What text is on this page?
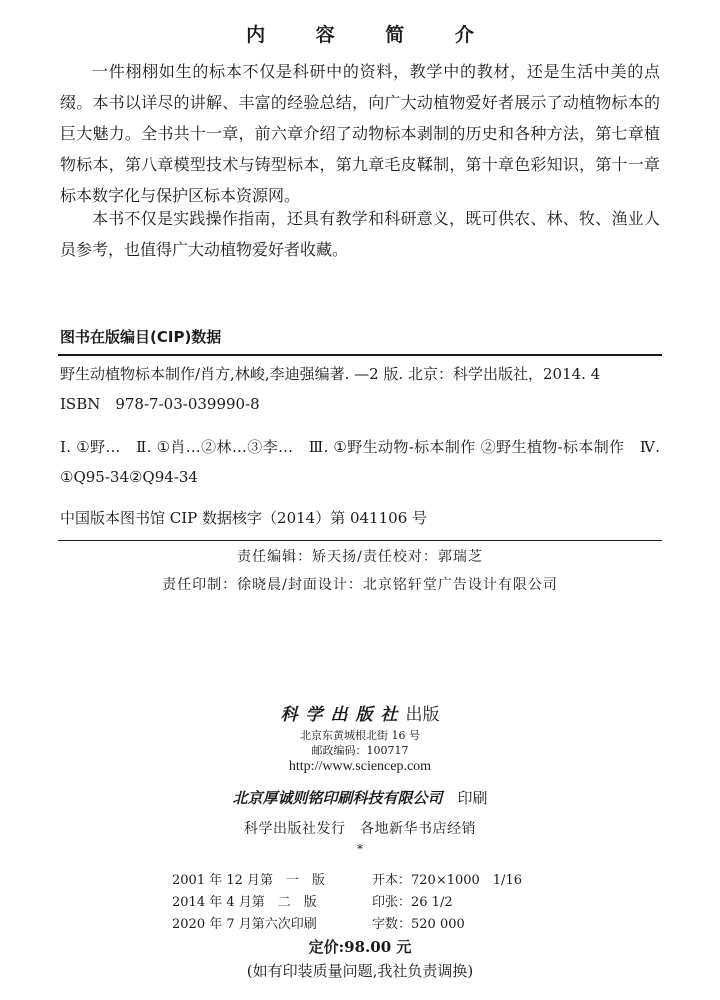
内 容 简 介

一件栩栩如生的标本不仅是科研中的资料，教学中的教材，还是生活中美的点缀。本书以详尽的讲解、丰富的经验总结，向广大动植物爱好者展示了动植物标本的巨大魅力。全书共十一章，前六章介绍了动物标本剥制的历史和各种方法，第七章植物标本，第八章模型技术与铸型标本，第九章毛皮鞣制，第十章色彩知识，第十一章标本数字化与保护区标本资源网。

本书不仅是实践操作指南，还具有教学和科研意义，既可供农、林、牧、渔业人员参考，也值得广大动植物爱好者收藏。

图书在版编目(CIP)数据
野生动植物标本制作/肖方,林峻,李迪强编著. —2 版. 北京：科学出版社，2014. 4
ISBN　978-7-03-039990-8
Ⅰ. ①野…　Ⅱ. ①肖…②林…③李…　Ⅲ. ①野生动物-标本制作 ②野生植物-标本制作　Ⅳ. ①Q95-34②Q94-34
中国版本图书馆 CIP 数据核字（2014）第 041106 号
责任编辑：矫天扬/责任校对：郭瑞芝
责任印制：徐晓晨/封面设计：北京铭轩堂广告设计有限公司
科学出版社出版
北京东黄城根北街 16 号
邮政编码：100717
http://www.sciencep.com
北京厚诚则铭印刷科技有限公司　 印刷
科学出版社发行　各地新华书店经销
*
2001 年 12 月第　一　版
2014 年 4 月第　二　版
2020 年 7 月第六次印刷
开本：720×1000　1/16
印张：26 1/2
字数：520 000
定价:98.00 元
(如有印装质量问题,我社负责调换)
